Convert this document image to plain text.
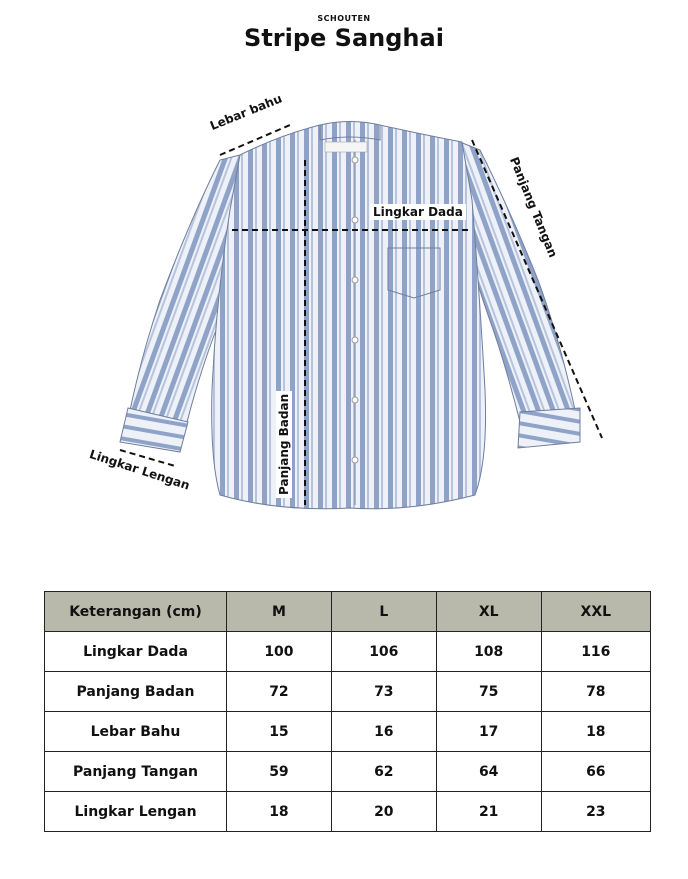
SCHOUTEN
Stripe Sanghai
Lebar bahu
Panjang Tangan
Lingkar Dada
Panjang Badan
Lingkar Lengan
Keterangan (cm)	M	L	XL	XXL
Lingkar Dada	100	106	108	116
Panjang Badan	72	73	75	78
Lebar Bahu	15	16	17	18
Panjang Tangan	59	62	64	66
Lingkar Lengan	18	20	21	23
